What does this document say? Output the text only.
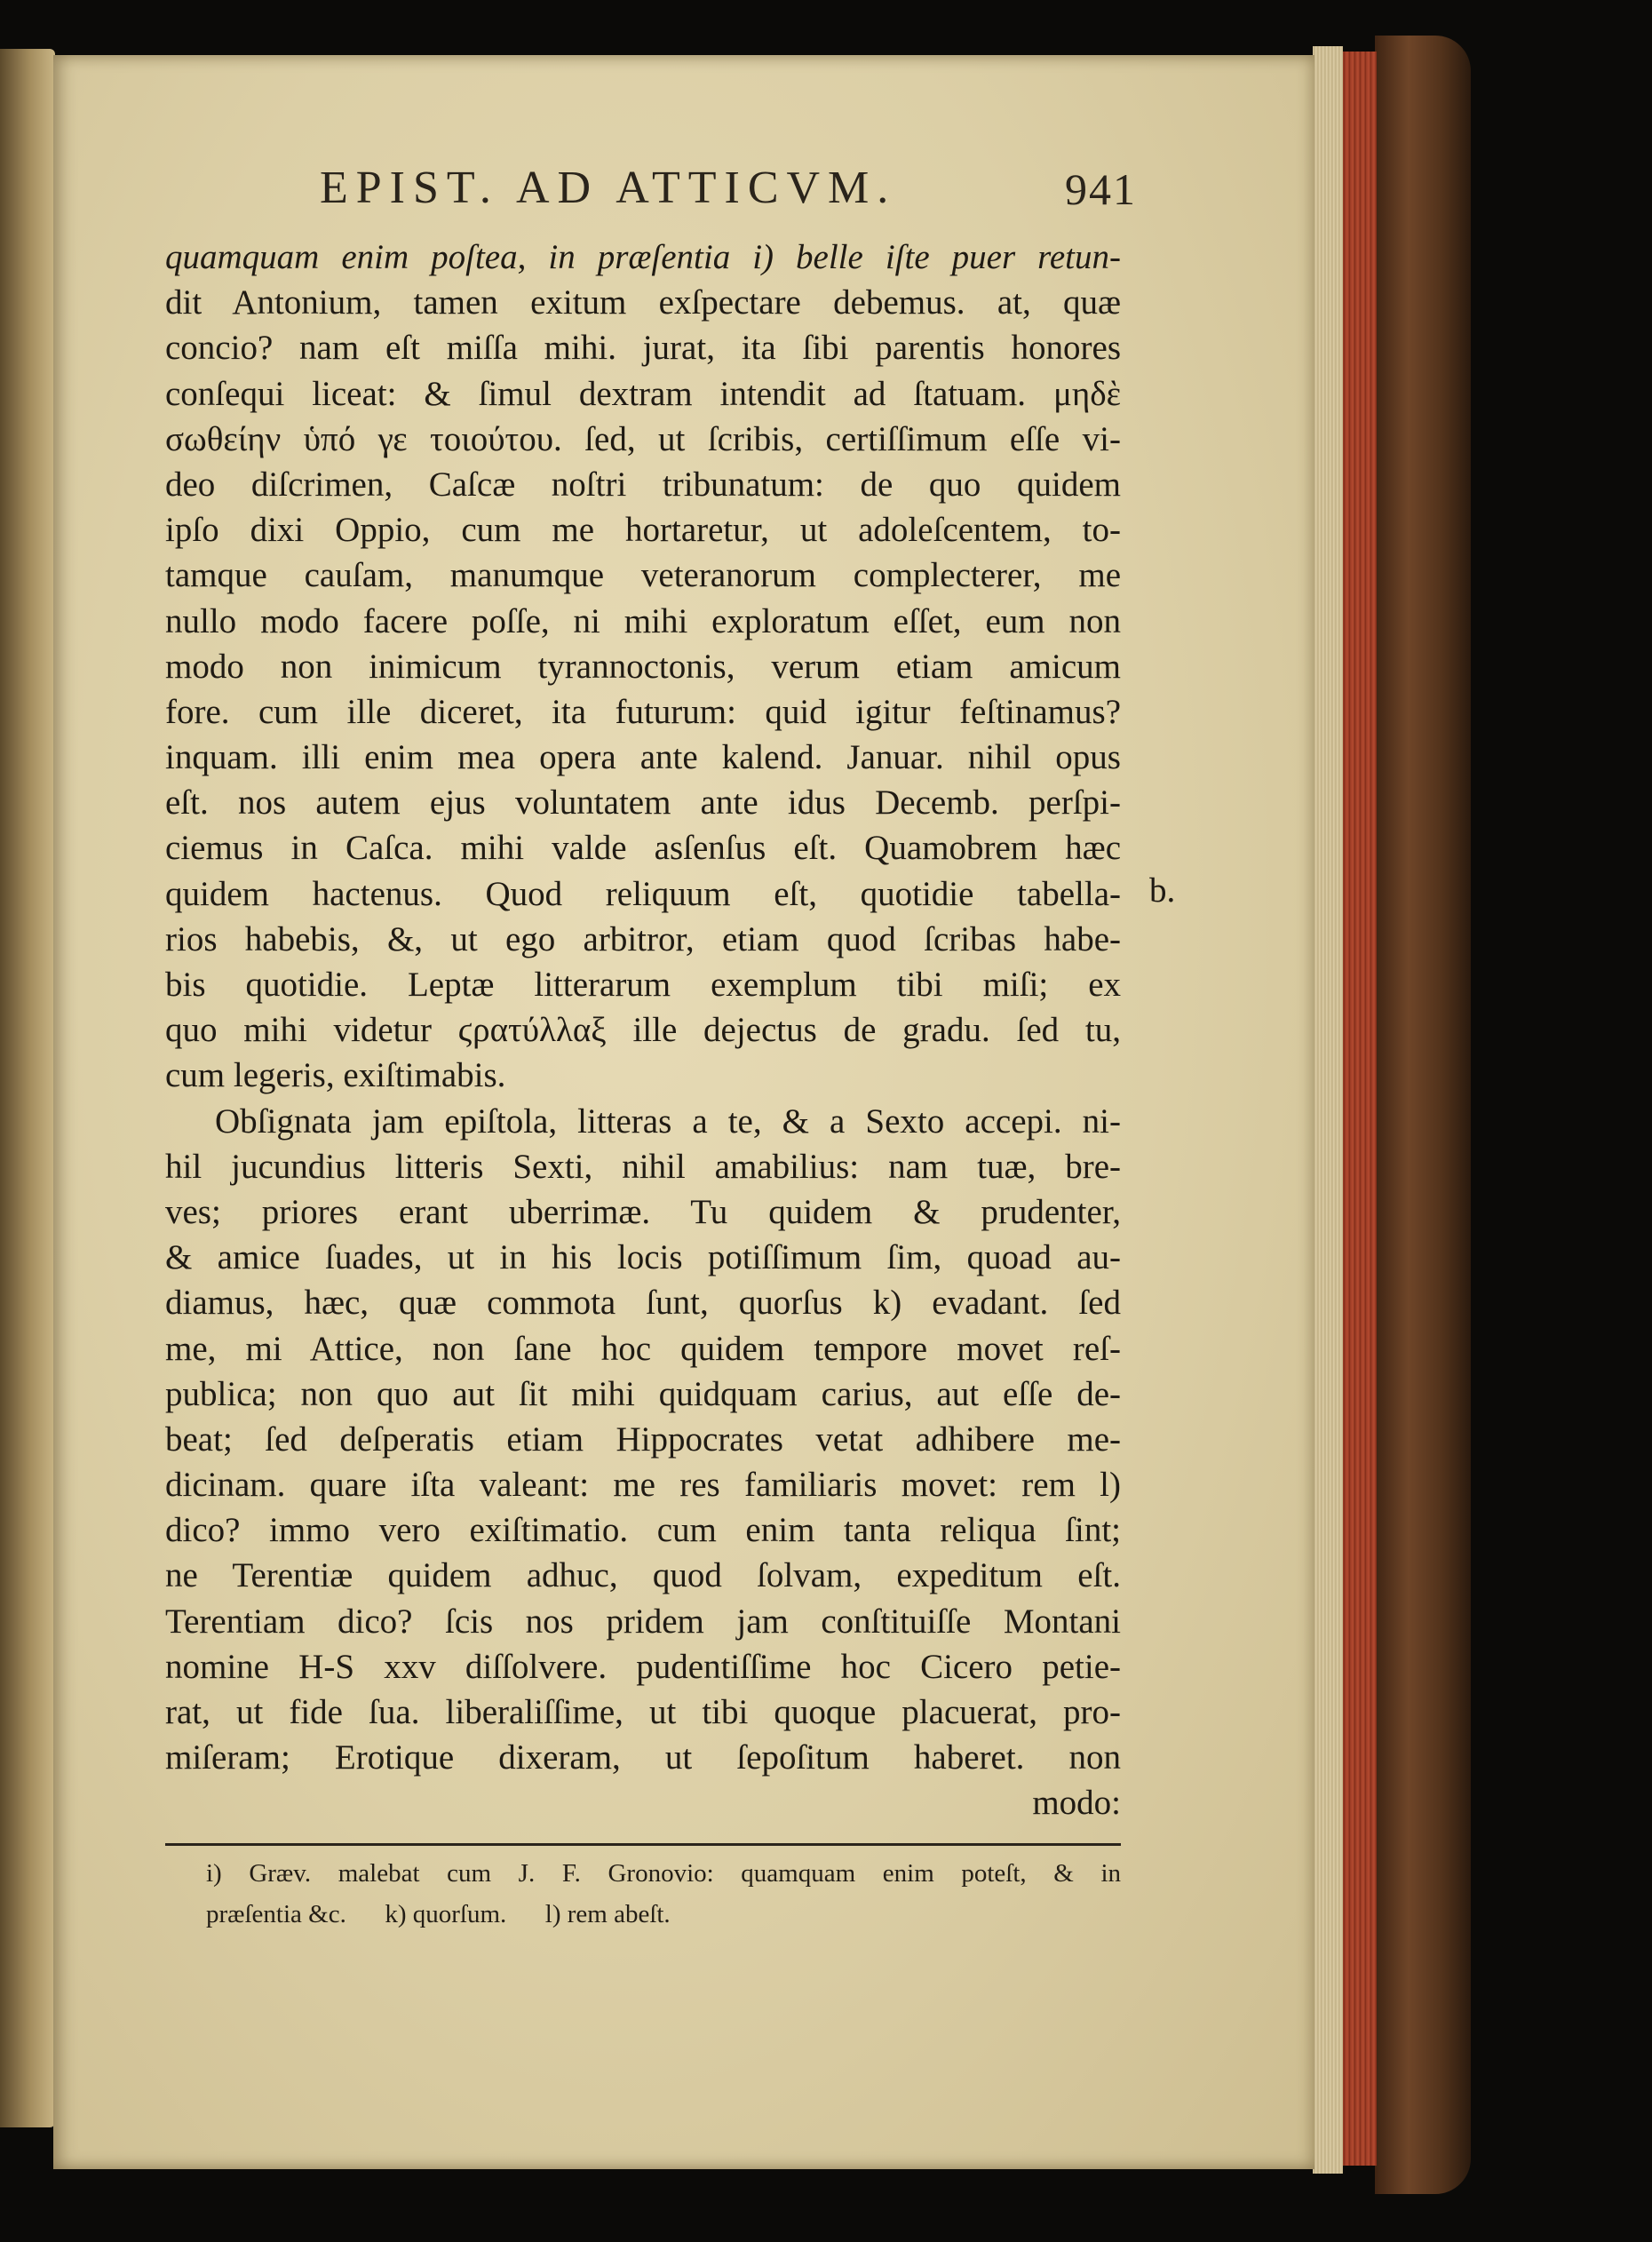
EPIST. AD ATTICVM.	941
quamquam enim poſtea, in præſentia i) belle iſte puer retun-
dit Antonium, tamen exitum exſpectare debemus. at, quæ
concio? nam eſt miſſa mihi. jurat, ita ſibi parentis honores
conſequi liceat: & ſimul dextram intendit ad ſtatuam. μηδὲ
σωθείην ὑπό γε τοιούτου. ſed, ut ſcribis, certiſſimum eſſe vi-
deo diſcrimen, Caſcæ noſtri tribunatum: de quo quidem
ipſo dixi Oppio, cum me hortaretur, ut adoleſcentem, to-
tamque cauſam, manumque veteranorum complecterer, me
nullo modo facere poſſe, ni mihi exploratum eſſet, eum non
modo non inimicum tyrannoctonis, verum etiam amicum
fore. cum ille diceret, ita futurum: quid igitur feſtinamus?
inquam. illi enim mea opera ante kalend. Januar. nihil opus
eſt. nos autem ejus voluntatem ante idus Decemb. perſpi-
ciemus in Caſca. mihi valde asſenſus eſt. Quamobrem hæc
quidem hactenus. Quod reliquum eſt, quotidie tabella-
rios habebis, &, ut ego arbitror, etiam quod ſcribas habe-
bis quotidie. Leptæ litterarum exemplum tibi miſi; ex
quo mihi videtur ϛρατύλλαξ ille dejectus de gradu. ſed tu,
cum legeris, exiſtimabis.
Obſignata jam epiſtola, litteras a te, & a Sexto accepi. ni-
hil jucundius litteris Sexti, nihil amabilius: nam tuæ, bre-
ves; priores erant uberrimæ. Tu quidem & prudenter,
& amice ſuades, ut in his locis potiſſimum ſim, quoad au-
diamus, hæc, quæ commota ſunt, quorſus k) evadant. ſed
me, mi Attice, non ſane hoc quidem tempore movet reſ-
publica; non quo aut ſit mihi quidquam carius, aut eſſe de-
beat; ſed deſperatis etiam Hippocrates vetat adhibere me-
dicinam. quare iſta valeant: me res familiaris movet: rem l)
dico? immo vero exiſtimatio. cum enim tanta reliqua ſint;
ne Terentiæ quidem adhuc, quod ſolvam, expeditum eſt.
Terentiam dico? ſcis nos pridem jam conſtituiſſe Montani
nomine H-S xxv diſſolvere. pudentiſſime hoc Cicero petie-
rat, ut fide ſua. liberaliſſime, ut tibi quoque placuerat, pro-
miſeram; Erotique dixeram, ut ſepoſitum haberet. non
modo:
b.
i) Græv. malebat cum J. F. Gronovio: quamquam enim poteſt, & in
præſentia &c.      k) quorſum.      l) rem abeſt.
